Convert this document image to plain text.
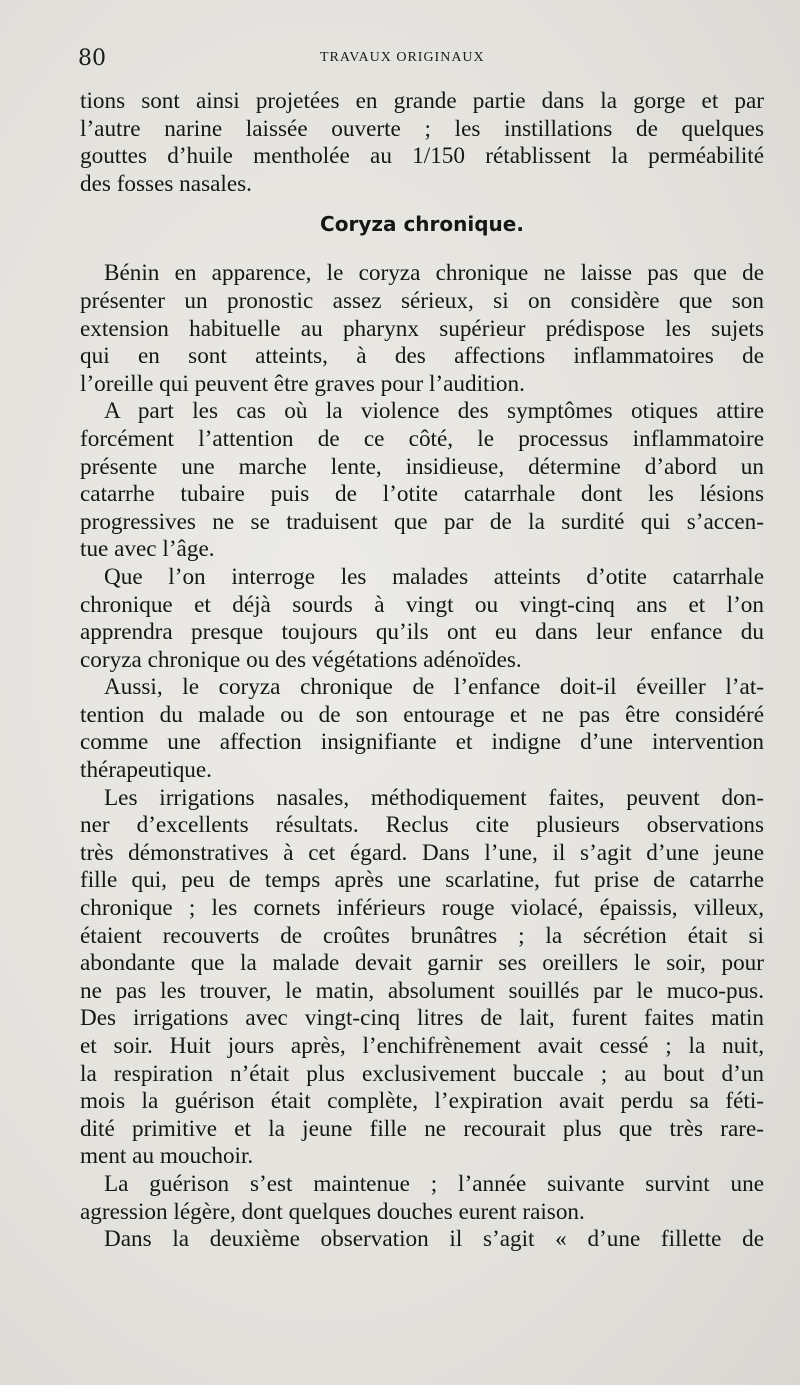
80	TRAVAUX ORIGINAUX
tions sont ainsi projetées en grande partie dans la gorge et par
l’autre narine laissée ouverte ; les instillations de quelques
gouttes d’huile mentholée au 1/150 rétablissent la perméabilité
des fosses nasales.
Coryza chronique.
Bénin en apparence, le coryza chronique ne laisse pas que de
présenter un pronostic assez sérieux, si on considère que son
extension habituelle au pharynx supérieur prédispose les sujets
qui en sont atteints, à des affections inflammatoires de
l’oreille qui peuvent être graves pour l’audition.
A part les cas où la violence des symptômes otiques attire
forcément l’attention de ce côté, le processus inflammatoire
présente une marche lente, insidieuse, détermine d’abord un
catarrhe tubaire puis de l’otite catarrhale dont les lésions
progressives ne se traduisent que par de la surdité qui s’accen-
tue avec l’âge.
Que l’on interroge les malades atteints d’otite catarrhale
chronique et déjà sourds à vingt ou vingt-cinq ans et l’on
apprendra presque toujours qu’ils ont eu dans leur enfance du
coryza chronique ou des végétations adénoïdes.
Aussi, le coryza chronique de l’enfance doit-il éveiller l’at-
tention du malade ou de son entourage et ne pas être considéré
comme une affection insignifiante et indigne d’une intervention
thérapeutique.
Les irrigations nasales, méthodiquement faites, peuvent don-
ner d’excellents résultats. Reclus cite plusieurs observations
très démonstratives à cet égard. Dans l’une, il s’agit d’une jeune
fille qui, peu de temps après une scarlatine, fut prise de catarrhe
chronique ; les cornets inférieurs rouge violacé, épaissis, villeux,
étaient recouverts de croûtes brunâtres ; la sécrétion était si
abondante que la malade devait garnir ses oreillers le soir, pour
ne pas les trouver, le matin, absolument souillés par le muco-pus.
Des irrigations avec vingt-cinq litres de lait, furent faites matin
et soir. Huit jours après, l’enchifrènement avait cessé ; la nuit,
la respiration n’était plus exclusivement buccale ; au bout d’un
mois la guérison était complète, l’expiration avait perdu sa féti-
dité primitive et la jeune fille ne recourait plus que très rare-
ment au mouchoir.
La guérison s’est maintenue ; l’année suivante survint une
agression légère, dont quelques douches eurent raison.
Dans la deuxième observation il s’agit « d’une fillette de
